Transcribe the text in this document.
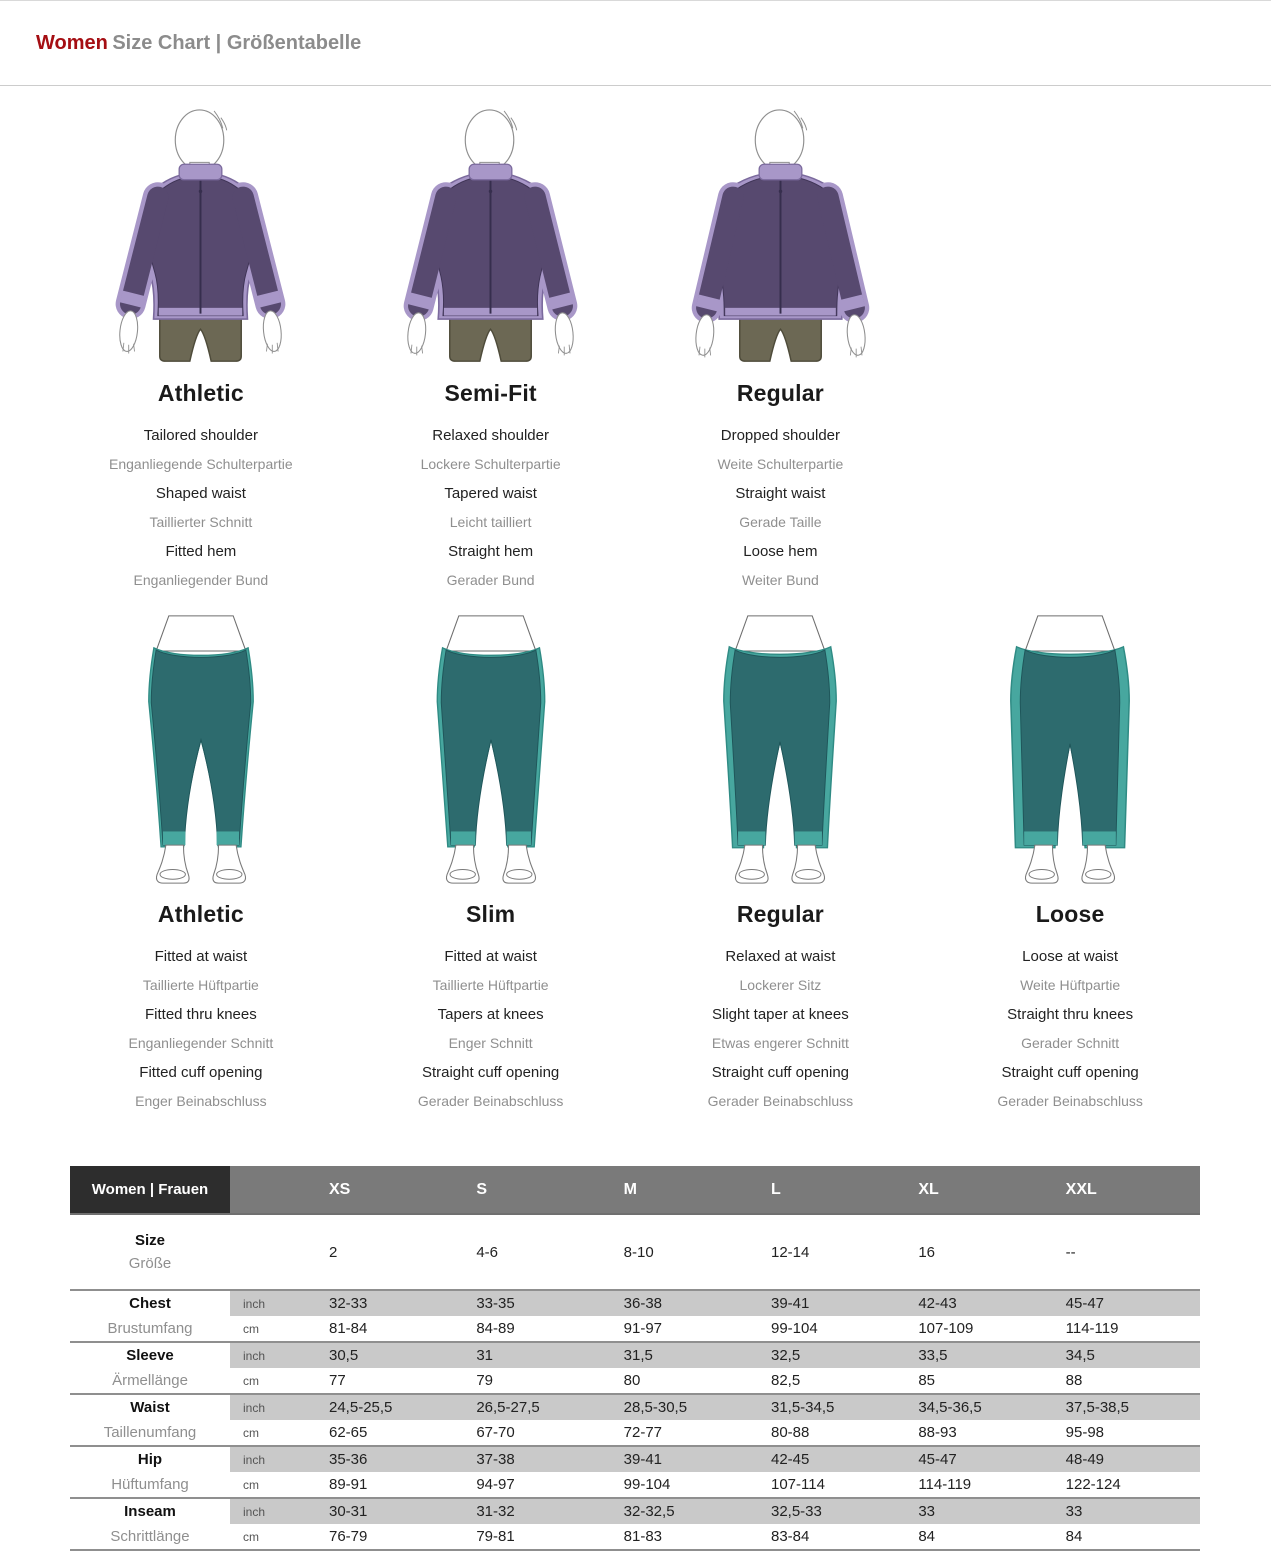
Women Size Chart | Größentabelle
Athletic

Tailored shoulder

Enganliegende Schulterpartie

Shaped waist

Taillierter Schnitt

Fitted hem

Enganliegender Bund

Semi-Fit

Relaxed shoulder

Lockere Schulterpartie

Tapered waist

Leicht tailliert

Straight hem

Gerader Bund

Regular

Dropped shoulder

Weite Schulterpartie

Straight waist

Gerade Taille

Loose hem

Weiter Bund

Athletic

Fitted at waist

Taillierte Hüftpartie

Fitted thru knees

Enganliegender Schnitt

Fitted cuff opening

Enger Beinabschluss

Slim

Fitted at waist

Taillierte Hüftpartie

Tapers at knees

Enger Schnitt

Straight cuff opening

Gerader Beinabschluss

Regular

Relaxed at waist

Lockerer Sitz

Slight taper at knees

Etwas engerer Schnitt

Straight cuff opening

Gerader Beinabschluss

Loose

Loose at waist

Weite Hüftpartie

Straight thru knees

Gerader Schnitt

Straight cuff opening

Gerader Beinabschluss

Women | Frauen		XS	S	M	L	XL	XXL

Size
Größe		2	4-6	8-10	12-14	16	--

Chest	inch	32-33	33-35	36-38	39-41	42-43	45-47

Brustumfang	cm	81-84	84-89	91-97	99-104	107-109	114-119

Sleeve	inch	30,5	31	31,5	32,5	33,5	34,5

Ärmellänge	cm	77	79	80	82,5	85	88

Waist	inch	24,5-25,5	26,5-27,5	28,5-30,5	31,5-34,5	34,5-36,5	37,5-38,5

Taillenumfang	cm	62-65	67-70	72-77	80-88	88-93	95-98

Hip	inch	35-36	37-38	39-41	42-45	45-47	48-49

Hüftumfang	cm	89-91	94-97	99-104	107-114	114-119	122-124

Inseam	inch	30-31	31-32	32-32,5	32,5-33	33	33

Schrittlänge	cm	76-79	79-81	81-83	83-84	84	84
